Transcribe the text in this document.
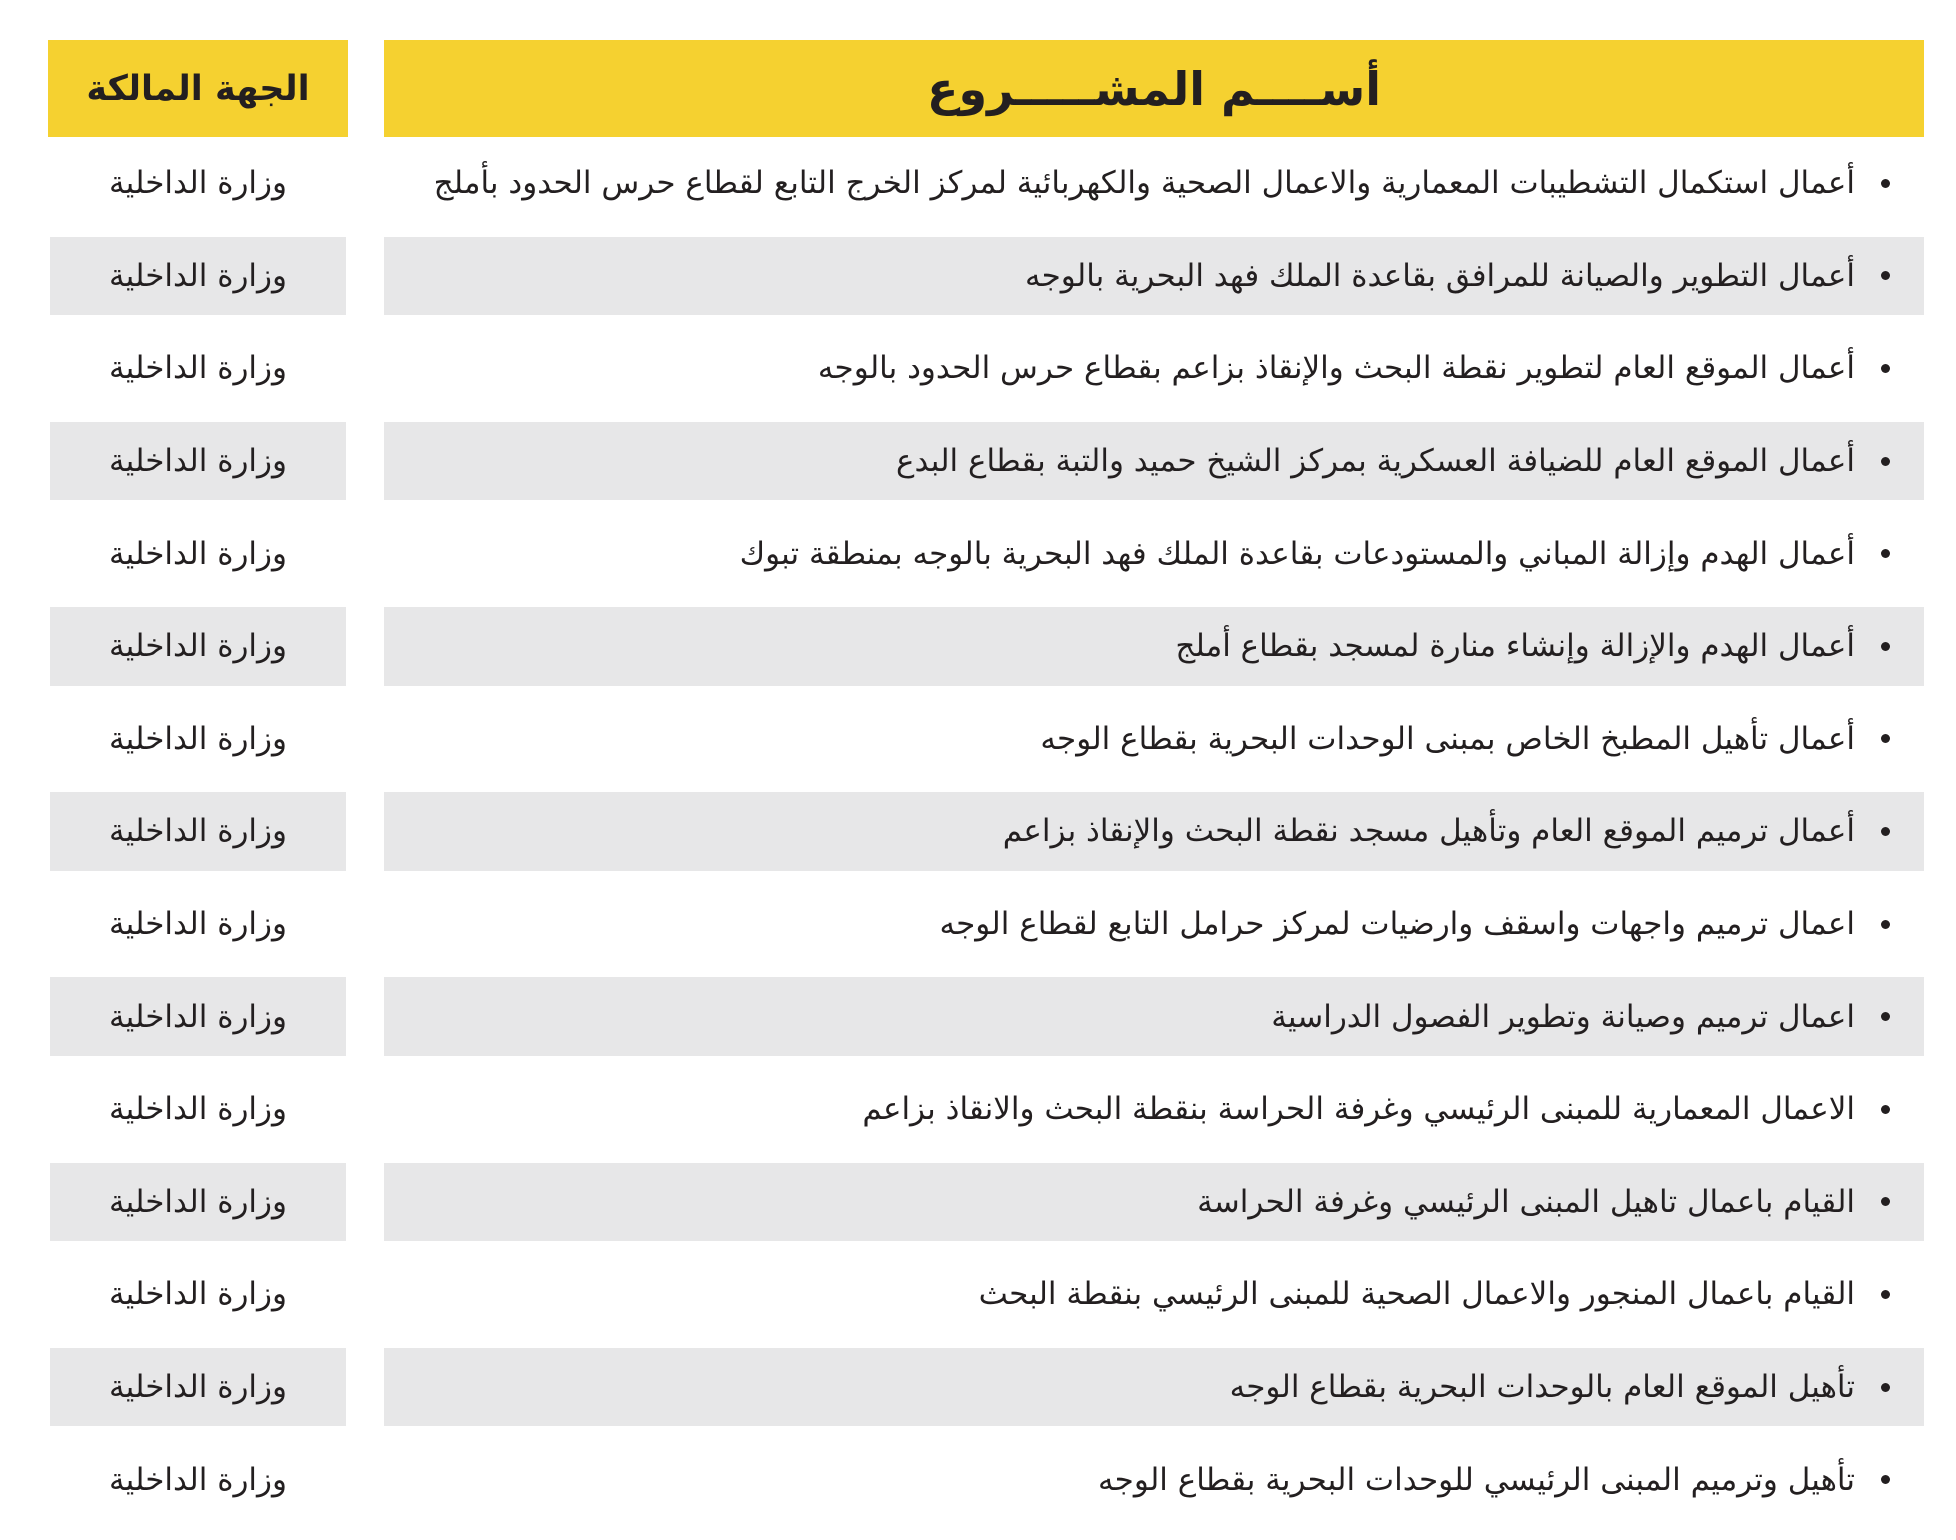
الجهة المالكة	أســــم المشـــــروع
وزارة الداخلية	أعمال استكمال التشطيبات المعمارية والاعمال الصحية والكهربائية لمركز الخرج التابع لقطاع حرس الحدود بأملج
وزارة الداخلية	أعمال التطوير والصيانة للمرافق بقاعدة الملك فهد البحرية بالوجه
وزارة الداخلية	أعمال الموقع العام لتطوير نقطة البحث والإنقاذ بزاعم بقطاع حرس الحدود بالوجه
وزارة الداخلية	أعمال الموقع العام للضيافة العسكرية بمركز الشيخ حميد والتبة بقطاع البدع
وزارة الداخلية	أعمال الهدم وإزالة المباني والمستودعات بقاعدة الملك فهد البحرية بالوجه بمنطقة تبوك
وزارة الداخلية	أعمال الهدم والإزالة وإنشاء منارة لمسجد بقطاع أملج
وزارة الداخلية	أعمال تأهيل المطبخ الخاص بمبنى الوحدات البحرية بقطاع الوجه
وزارة الداخلية	أعمال ترميم الموقع العام وتأهيل مسجد نقطة البحث والإنقاذ بزاعم
وزارة الداخلية	اعمال ترميم واجهات واسقف وارضيات لمركز حرامل التابع لقطاع الوجه
وزارة الداخلية	اعمال ترميم وصيانة وتطوير الفصول الدراسية
وزارة الداخلية	الاعمال المعمارية للمبنى الرئيسي وغرفة الحراسة بنقطة البحث والانقاذ بزاعم
وزارة الداخلية	القيام باعمال تاهيل المبنى الرئيسي وغرفة الحراسة
وزارة الداخلية	القيام باعمال المنجور والاعمال الصحية للمبنى الرئيسي بنقطة البحث
وزارة الداخلية	تأهيل الموقع العام بالوحدات البحرية بقطاع الوجه
وزارة الداخلية	تأهيل وترميم المبنى الرئيسي للوحدات البحرية بقطاع الوجه
